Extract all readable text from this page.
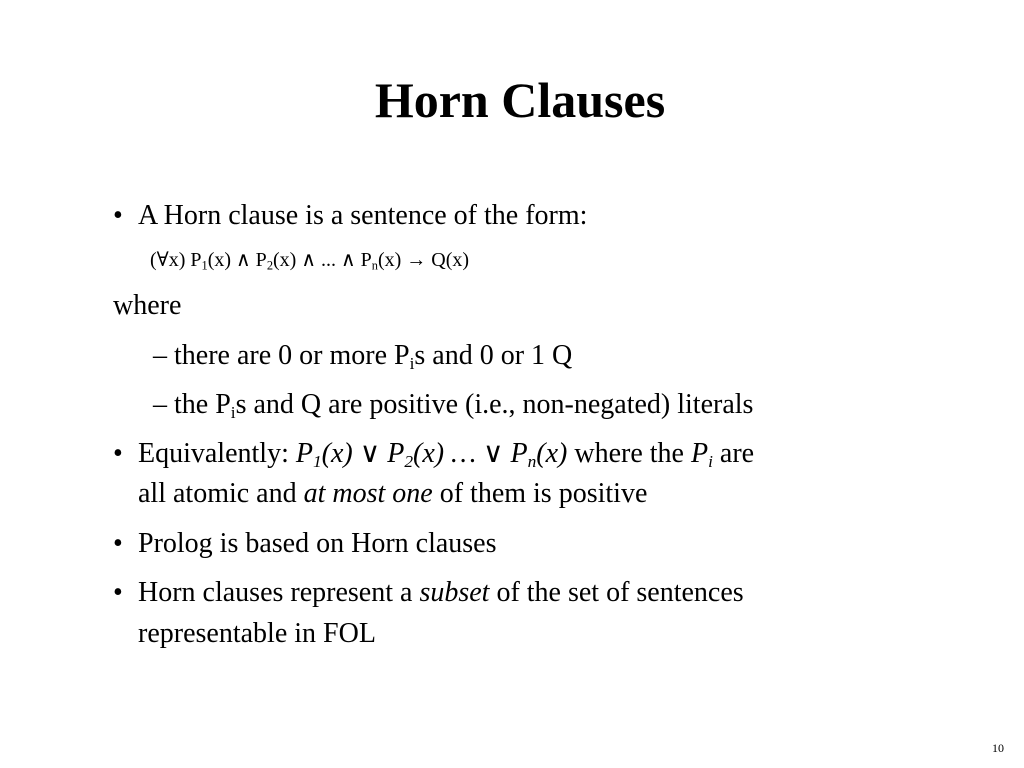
Horn Clauses
• A Horn clause is a sentence of the form:
(∀x) $P_1(x)$ ∧ $P_2(x)$ ∧ ... ∧ $P_n(x) \to Q(x)$
where
– there are 0 or more $P_is$ and 0 or 1 Q
– the $P_is$ and Q are positive (i.e., non-negated) literals
• Equivalently: $P_1(x)$ ∨ $P_2(x)$ … ∨ $P_n(x)$ where the $P_i$ are
all atomic and at most one of them is positive
• Prolog is based on Horn clauses
• Horn clauses represent a subset of the set of sentences
representable in FOL
10
